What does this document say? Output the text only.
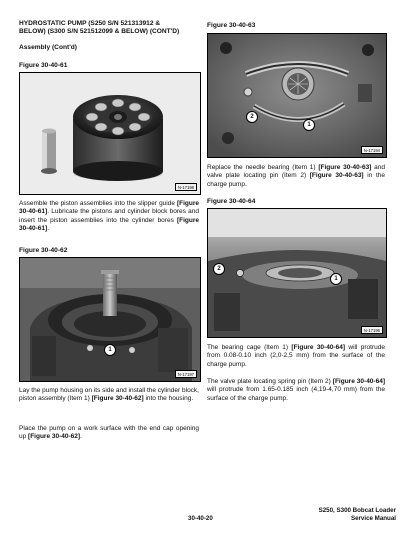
HYDROSTATIC PUMP (S250 S/N 521313912 &
BELOW) (S300 S/N 521512099 & BELOW) (CONT'D)
Assembly (Cont'd)
Figure 30-40-61
N-17198

Assemble the piston assemblies into the slipper guide [Figure 30-40-61]. Lubricate the pistons and cylinder block bores and insert the piston assemblies into the cylinder bores [Figure 30-40-61].

Figure 30-40-62
1
N-17197

Lay the pump housing on its side and install the cylinder block, piston assembly (Item 1) [Figure 30-40-62] into the housing.

Place the pump on a work surface with the end cap opening up [Figure 30-40-62].

Figure 30-40-63
2
1
N-17194

Replace the needle bearing (Item 1) [Figure 30-40-63] and valve plate locating pin (Item 2) [Figure 30-40-63] in the charge pump.

Figure 30-40-64
2
1
N-17196

The bearing cage (Item 1) [Figure 30-40-64] will protrude from 0.08-0.10 inch (2,0-2,5 mm) from the surface of the charge pump.

The valve plate locating spring pin (Item 2) [Figure 30-40-64] will protrude from 1.65-0.185 inch (4,19-4,70 mm) from the surface of the charge pump.

S250, S300 Bobcat Loader
30-40-20	Service Manual
